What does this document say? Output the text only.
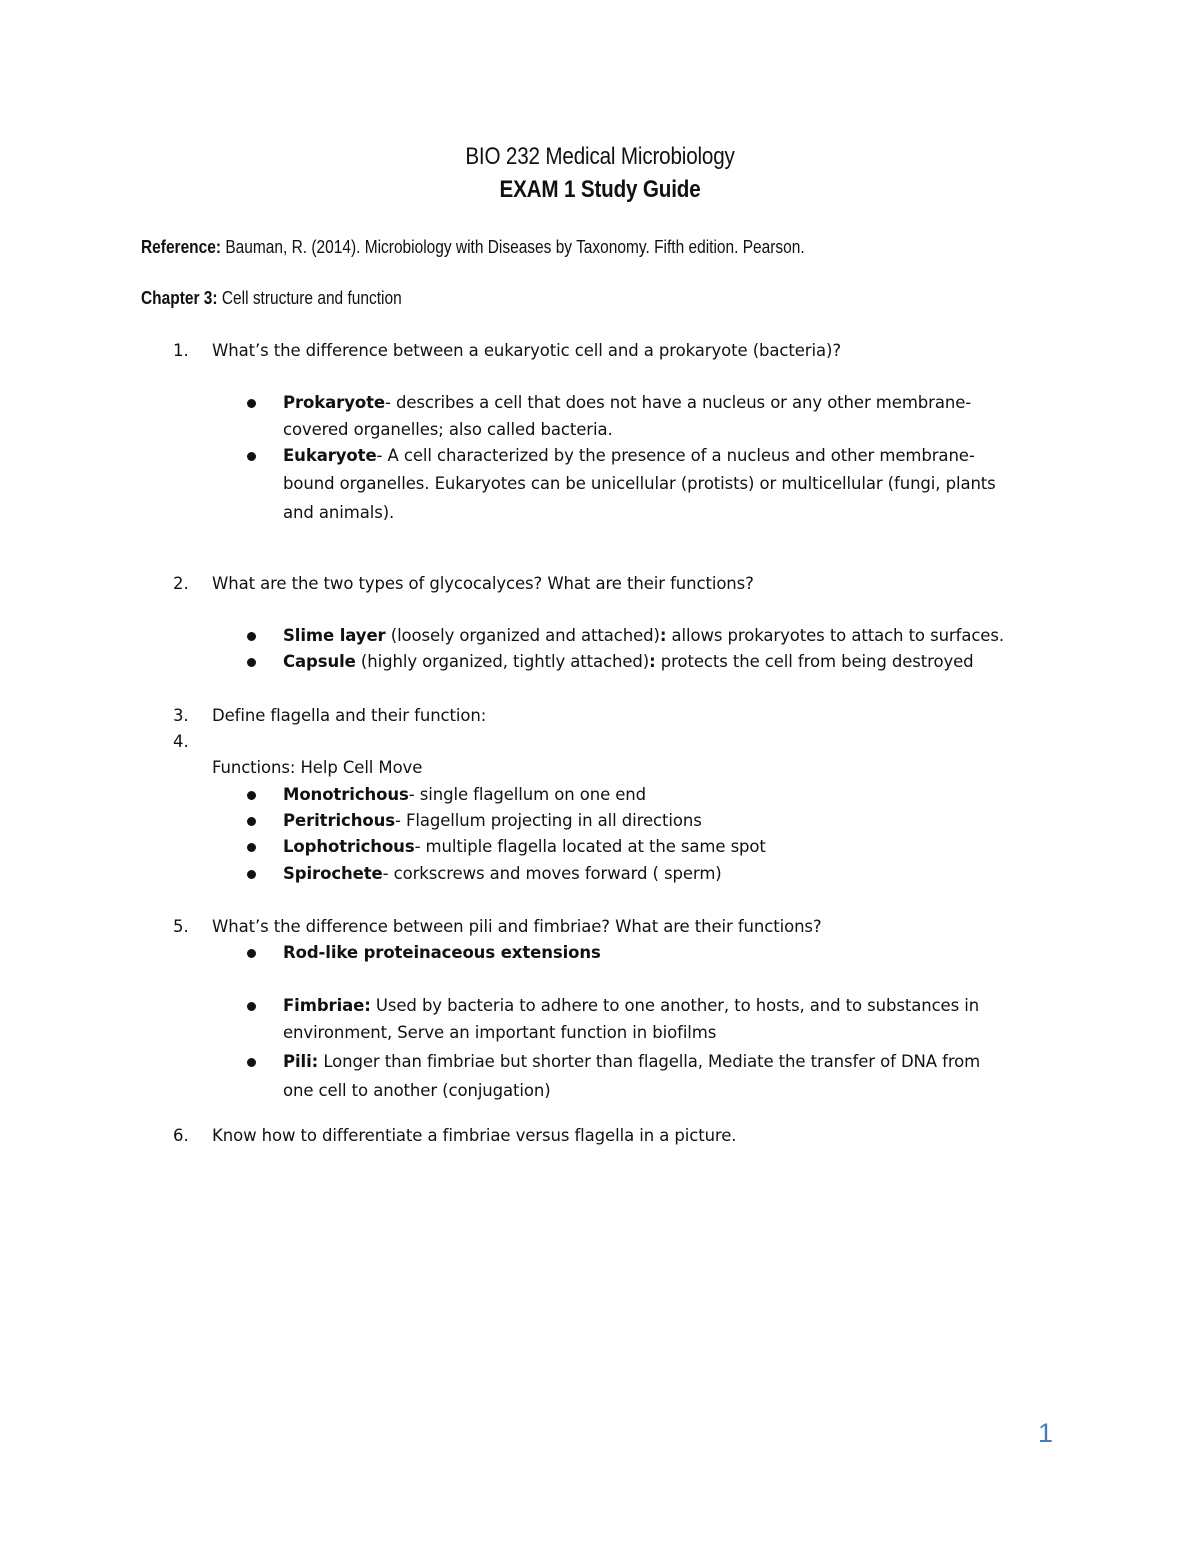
BIO 232 Medical Microbiology
EXAM 1 Study Guide
Reference: Bauman, R. (2014). Microbiology with Diseases by Taxonomy. Fifth edition. Pearson.
Chapter 3: Cell structure and function
1. What’s the difference between a eukaryotic cell and a prokaryote (bacteria)?
Prokaryote- describes a cell that does not have a nucleus or any other membrane-
covered organelles; also called bacteria.
Eukaryote- A cell characterized by the presence of a nucleus and other membrane-
bound organelles. Eukaryotes can be unicellular (protists) or multicellular (fungi, plants
and animals).
2. What are the two types of glycocalyces? What are their functions?
Slime layer (loosely organized and attached): allows prokaryotes to attach to surfaces.
Capsule (highly organized, tightly attached): protects the cell from being destroyed
3. Define flagella and their function:
4.
Functions: Help Cell Move
Monotrichous- single flagellum on one end
Peritrichous- Flagellum projecting in all directions
Lophotrichous- multiple flagella located at the same spot
Spirochete- corkscrews and moves forward ( sperm)
5. What’s the difference between pili and fimbriae? What are their functions?
Rod-like proteinaceous extensions
Fimbriae: Used by bacteria to adhere to one another, to hosts, and to substances in
environment, Serve an important function in biofilms
Pili: Longer than fimbriae but shorter than flagella, Mediate the transfer of DNA from
one cell to another (conjugation)
6. Know how to differentiate a fimbriae versus flagella in a picture.
1
